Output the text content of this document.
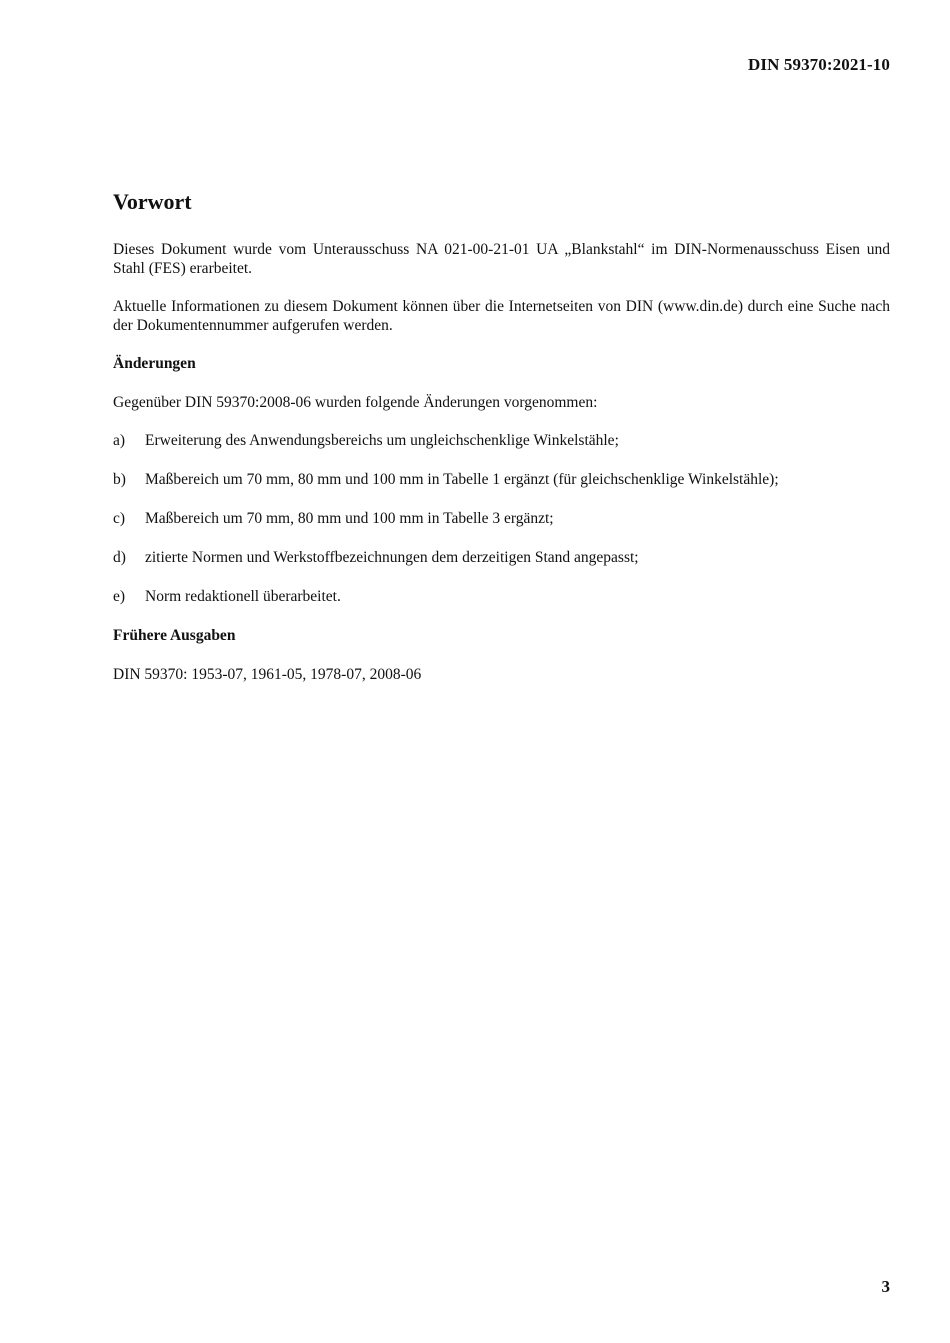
DIN 59370:2021-10
Vorwort

Dieses Dokument wurde vom Unterausschuss NA 021-00-21-01 UA „Blankstahl“ im DIN-Normenausschuss Eisen und Stahl (FES) erarbeitet.

Aktuelle Informationen zu diesem Dokument können über die Internetseiten von DIN (www.din.de) durch eine Suche nach der Dokumentennummer aufgerufen werden.

Änderungen

Gegenüber DIN 59370:2008-06 wurden folgende Änderungen vorgenommen:

a)	Erweiterung des Anwendungsbereichs um ungleichschenklige Winkelstähle;
b)	Maßbereich um 70 mm, 80 mm und 100 mm in Tabelle 1 ergänzt (für gleichschenklige Winkelstähle);
c)	Maßbereich um 70 mm, 80 mm und 100 mm in Tabelle 3 ergänzt;
d)	zitierte Normen und Werkstoffbezeichnungen dem derzeitigen Stand angepasst;
e)	Norm redaktionell überarbeitet.

Frühere Ausgaben

DIN 59370: 1953-07, 1961-05, 1978-07, 2008-06

3
